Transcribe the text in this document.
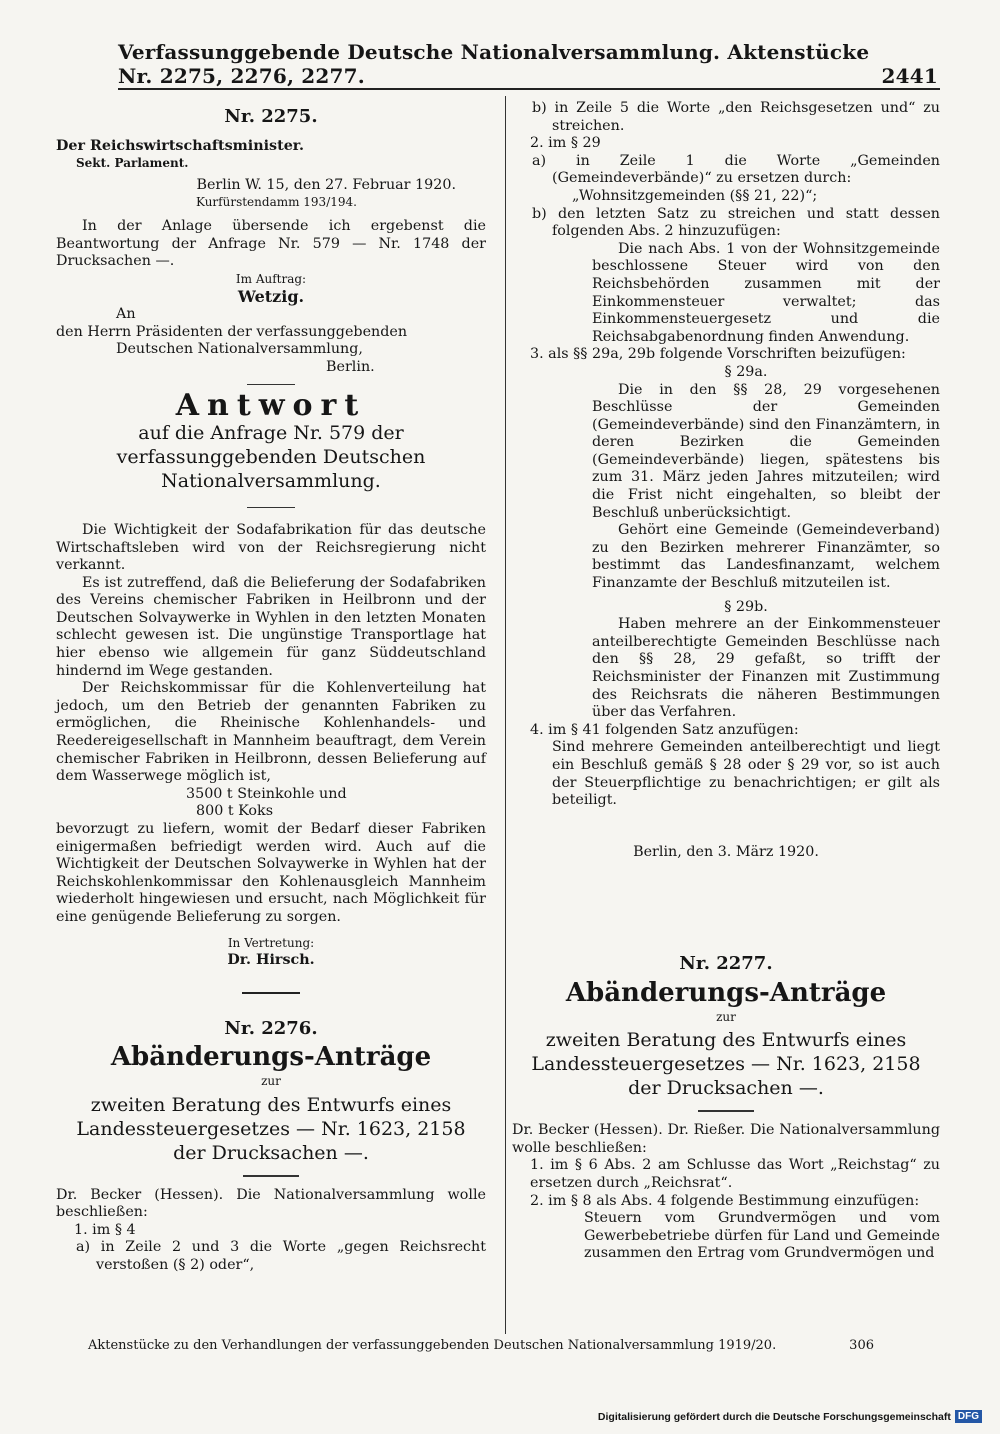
Verfassunggebende Deutsche Nationalversammlung. Aktenstücke Nr. 2275, 2276, 2277.	2441

Nr. 2275.

Der Reichswirtschaftsminister.

Sekt. Parlament.

Berlin W. 15, den 27. Februar 1920.

Kurfürstendamm 193/194.

In der Anlage übersende ich ergebenst die Beantwortung der Anfrage Nr. 579 — Nr. 1748 der Drucksachen —.

Im Auftrag:

Wetzig.

An

den Herrn Präsidenten der verfassunggebenden

Deutschen Nationalversammlung,

Berlin.

Antwort

auf die Anfrage Nr. 579 der verfassunggebenden Deutschen Nationalversammlung.

Die Wichtigkeit der Sodafabrikation für das deutsche Wirtschaftsleben wird von der Reichsregierung nicht verkannt.

Es ist zutreffend, daß die Belieferung der Sodafabriken des Vereins chemischer Fabriken in Heilbronn und der Deutschen Solvaywerke in Wyhlen in den letzten Monaten schlecht gewesen ist. Die ungünstige Transportlage hat hier ebenso wie allgemein für ganz Süddeutschland hindernd im Wege gestanden.

Der Reichskommissar für die Kohlenverteilung hat jedoch, um den Betrieb der genannten Fabriken zu ermöglichen, die Rheinische Kohlenhandels- und Reedereigesellschaft in Mannheim beauftragt, dem Verein chemischer Fabriken in Heilbronn, dessen Belieferung auf dem Wasserwege möglich ist,

3500 t Steinkohle und

800 t Koks

bevorzugt zu liefern, womit der Bedarf dieser Fabriken einigermaßen befriedigt werden wird. Auch auf die Wichtigkeit der Deutschen Solvaywerke in Wyhlen hat der Reichskohlenkommissar den Kohlenausgleich Mannheim wiederholt hingewiesen und ersucht, nach Möglichkeit für eine genügende Belieferung zu sorgen.

In Vertretung:

Dr. Hirsch.

Nr. 2276.

Abänderungs-Anträge

zur

zweiten Beratung des Entwurfs eines Landessteuergesetzes — Nr. 1623, 2158 der Drucksachen —.

Dr. Becker (Hessen). Die Nationalversammlung wolle beschließen:

1. im § 4

a) in Zeile 2 und 3 die Worte „gegen Reichsrecht verstoßen (§ 2) oder“,

b) in Zeile 5 die Worte „den Reichsgesetzen und“ zu streichen.

2. im § 29

a) in Zeile 1 die Worte „Gemeinden (Gemeindeverbände)“ zu ersetzen durch:

„Wohnsitzgemeinden (§§ 21, 22)“;

b) den letzten Satz zu streichen und statt dessen folgenden Abs. 2 hinzuzufügen:

Die nach Abs. 1 von der Wohnsitzgemeinde beschlossene Steuer wird von den Reichsbehörden zusammen mit der Einkommensteuer verwaltet; das Einkommensteuergesetz und die Reichsabgabenordnung finden Anwendung.

3. als §§ 29a, 29b folgende Vorschriften beizufügen:

§ 29a.

Die in den §§ 28, 29 vorgesehenen Beschlüsse der Gemeinden (Gemeindeverbände) sind den Finanzämtern, in deren Bezirken die Gemeinden (Gemeindeverbände) liegen, spätestens bis zum 31. März jeden Jahres mitzuteilen; wird die Frist nicht eingehalten, so bleibt der Beschluß unberücksichtigt.

Gehört eine Gemeinde (Gemeindeverband) zu den Bezirken mehrerer Finanzämter, so bestimmt das Landesfinanzamt, welchem Finanzamte der Beschluß mitzuteilen ist.

§ 29b.

Haben mehrere an der Einkommensteuer anteilberechtigte Gemeinden Beschlüsse nach den §§ 28, 29 gefaßt, so trifft der Reichsminister der Finanzen mit Zustimmung des Reichsrats die näheren Bestimmungen über das Verfahren.

4. im § 41 folgenden Satz anzufügen:

Sind mehrere Gemeinden anteilberechtigt und liegt ein Beschluß gemäß § 28 oder § 29 vor, so ist auch der Steuerpflichtige zu benachrichtigen; er gilt als beteiligt.

Berlin, den 3. März 1920.

Nr. 2277.

Abänderungs-Anträge

zur

zweiten Beratung des Entwurfs eines Landessteuergesetzes — Nr. 1623, 2158 der Drucksachen —.

Dr. Becker (Hessen). Dr. Rießer. Die Nationalversammlung wolle beschließen:

1. im § 6 Abs. 2 am Schlusse das Wort „Reichstag“ zu ersetzen durch „Reichsrat“.

2. im § 8 als Abs. 4 folgende Bestimmung einzufügen:

Steuern vom Grundvermögen und vom Gewerbebetriebe dürfen für Land und Gemeinde zusammen den Ertrag vom Grundvermögen und

Aktenstücke zu den Verhandlungen der verfassunggebenden Deutschen Nationalversammlung 1919/20.	306
Digitalisierung gefördert durch die Deutsche Forschungsgemeinschaft DFG
